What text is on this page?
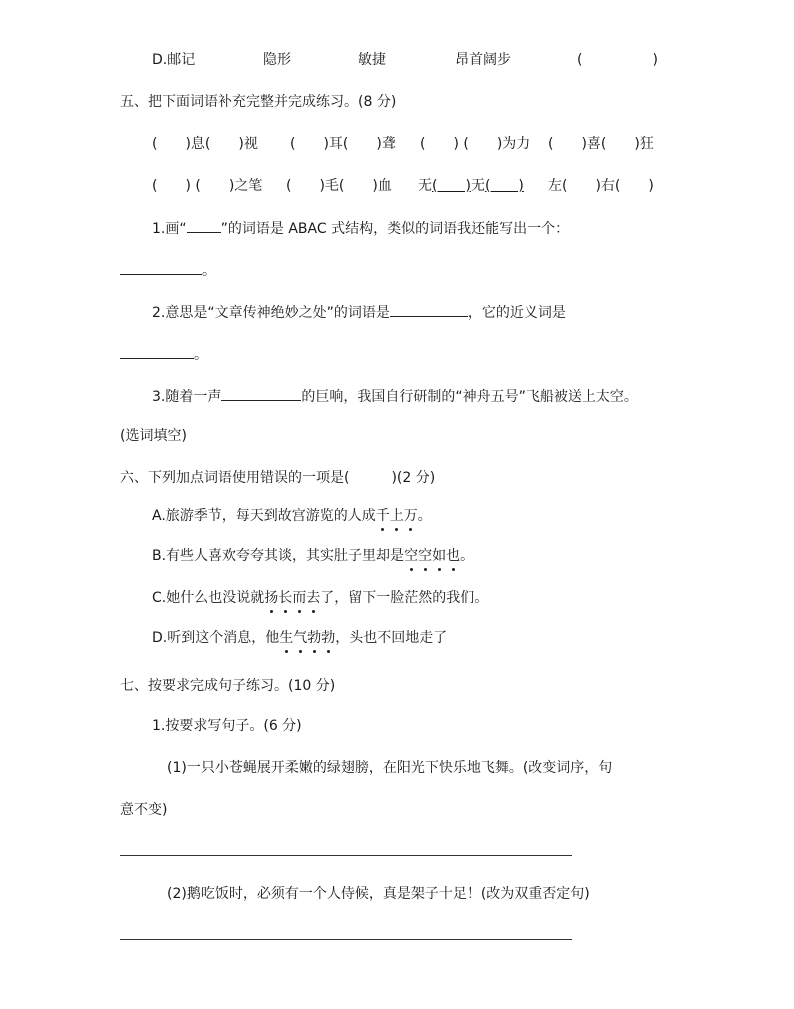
D.邮记	隐形	敏捷	昂首阔步	(　　　　　)
五、把下面词语补充完整并完成练习。(8 分)
(　　)息(　　)视 (　　)耳(　　)聋 (　　) (　　)为力 (　　)喜(　　)狂
(　　) (　　)之笔 (　　)毛(　　)血 无(　　)无(　　) 左(　　)右(　　)
1.画“ ”的词语是 ABAC 式结构，类似的词语我还能写出一个：
。
2.意思是“文章传神绝妙之处”的词语是	，它的近义词是
。
3.随着一声	的巨响，我国自行研制的“神舟五号”飞船被送上太空。
(选词填空)
六、下列加点词语使用错误的一项是(　　　)(2 分)
A.旅游季节，每天到故宫游览的人成千上万。
B.有些人喜欢夸夸其谈，其实肚子里却是空空如也。
C.她什么也没说就扬长而去了，留下一脸茫然的我们。
D.听到这个消息，他生气勃勃，头也不回地走了
七、按要求完成句子练习。(10 分)
1.按要求写句子。(6 分)
(1)一只小苍蝇展开柔嫩的绿翅膀，在阳光下快乐地飞舞。(改变词序，句
意不变)
(2)鹅吃饭时，必须有一个人侍候，真是架子十足！(改为双重否定句)
